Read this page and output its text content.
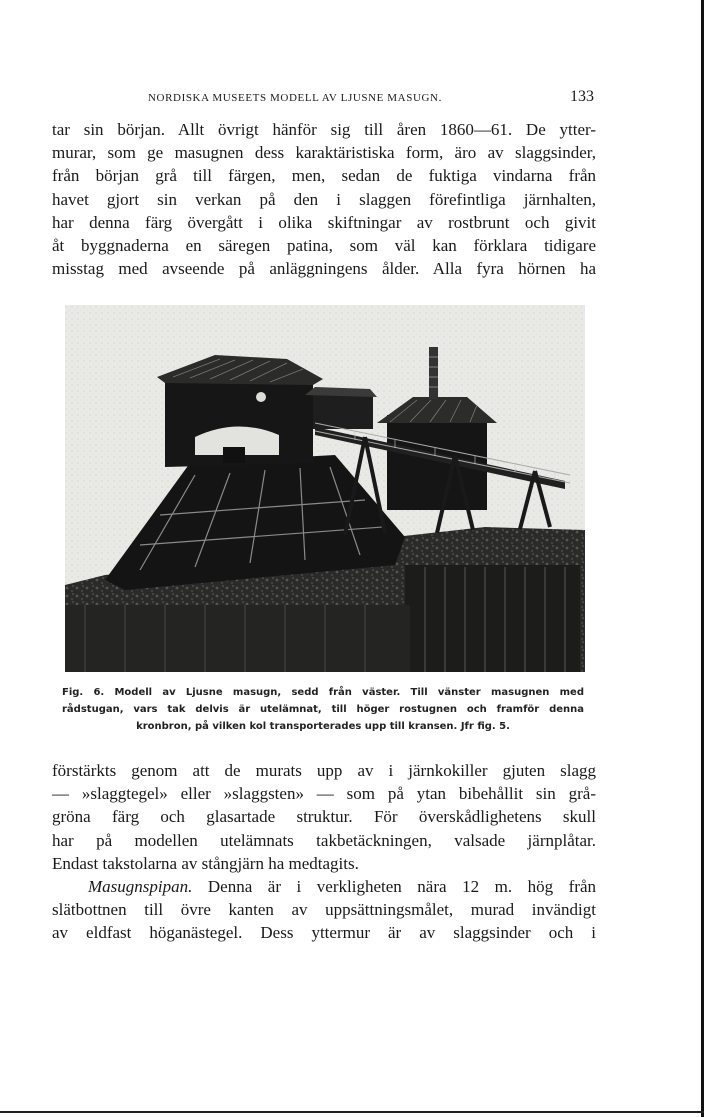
NORDISKA MUSEETS MODELL AV LJUSNE MASUGN.	133
tar sin början. Allt övrigt hänför sig till åren 1860—61. De ytter-
murar, som ge masugnen dess karaktäristiska form, äro av slaggsinder,
från början grå till färgen, men, sedan de fuktiga vindarna från
havet gjort sin verkan på den i slaggen förefintliga järnhalten,
har denna färg övergått i olika skiftningar av rostbrunt och givit
åt byggnaderna en säregen patina, som väl kan förklara tidigare
misstag med avseende på anläggningens ålder. Alla fyra hörnen ha
Fig. 6. Modell av Ljusne masugn, sedd från väster. Till vänster masugnen med
rådstugan, vars tak delvis är utelämnat, till höger rostugnen och framför denna
kronbron, på vilken kol transporterades upp till kransen. Jfr fig. 5.
förstärkts genom att de murats upp av i järnkokiller gjuten slagg
— »slaggtegel» eller »slaggsten» — som på ytan bibehållit sin grå-
gröna färg och glasartade struktur. För överskådlighetens skull
har på modellen utelämnats takbetäckningen, valsade järnplåtar.
Endast takstolarna av stångjärn ha medtagits.
Masugnspipan. Denna är i verkligheten nära 12 m. hög från
slätbottnen till övre kanten av uppsättningsmålet, murad invändigt
av eldfast höganästegel. Dess yttermur är av slaggsinder och i
